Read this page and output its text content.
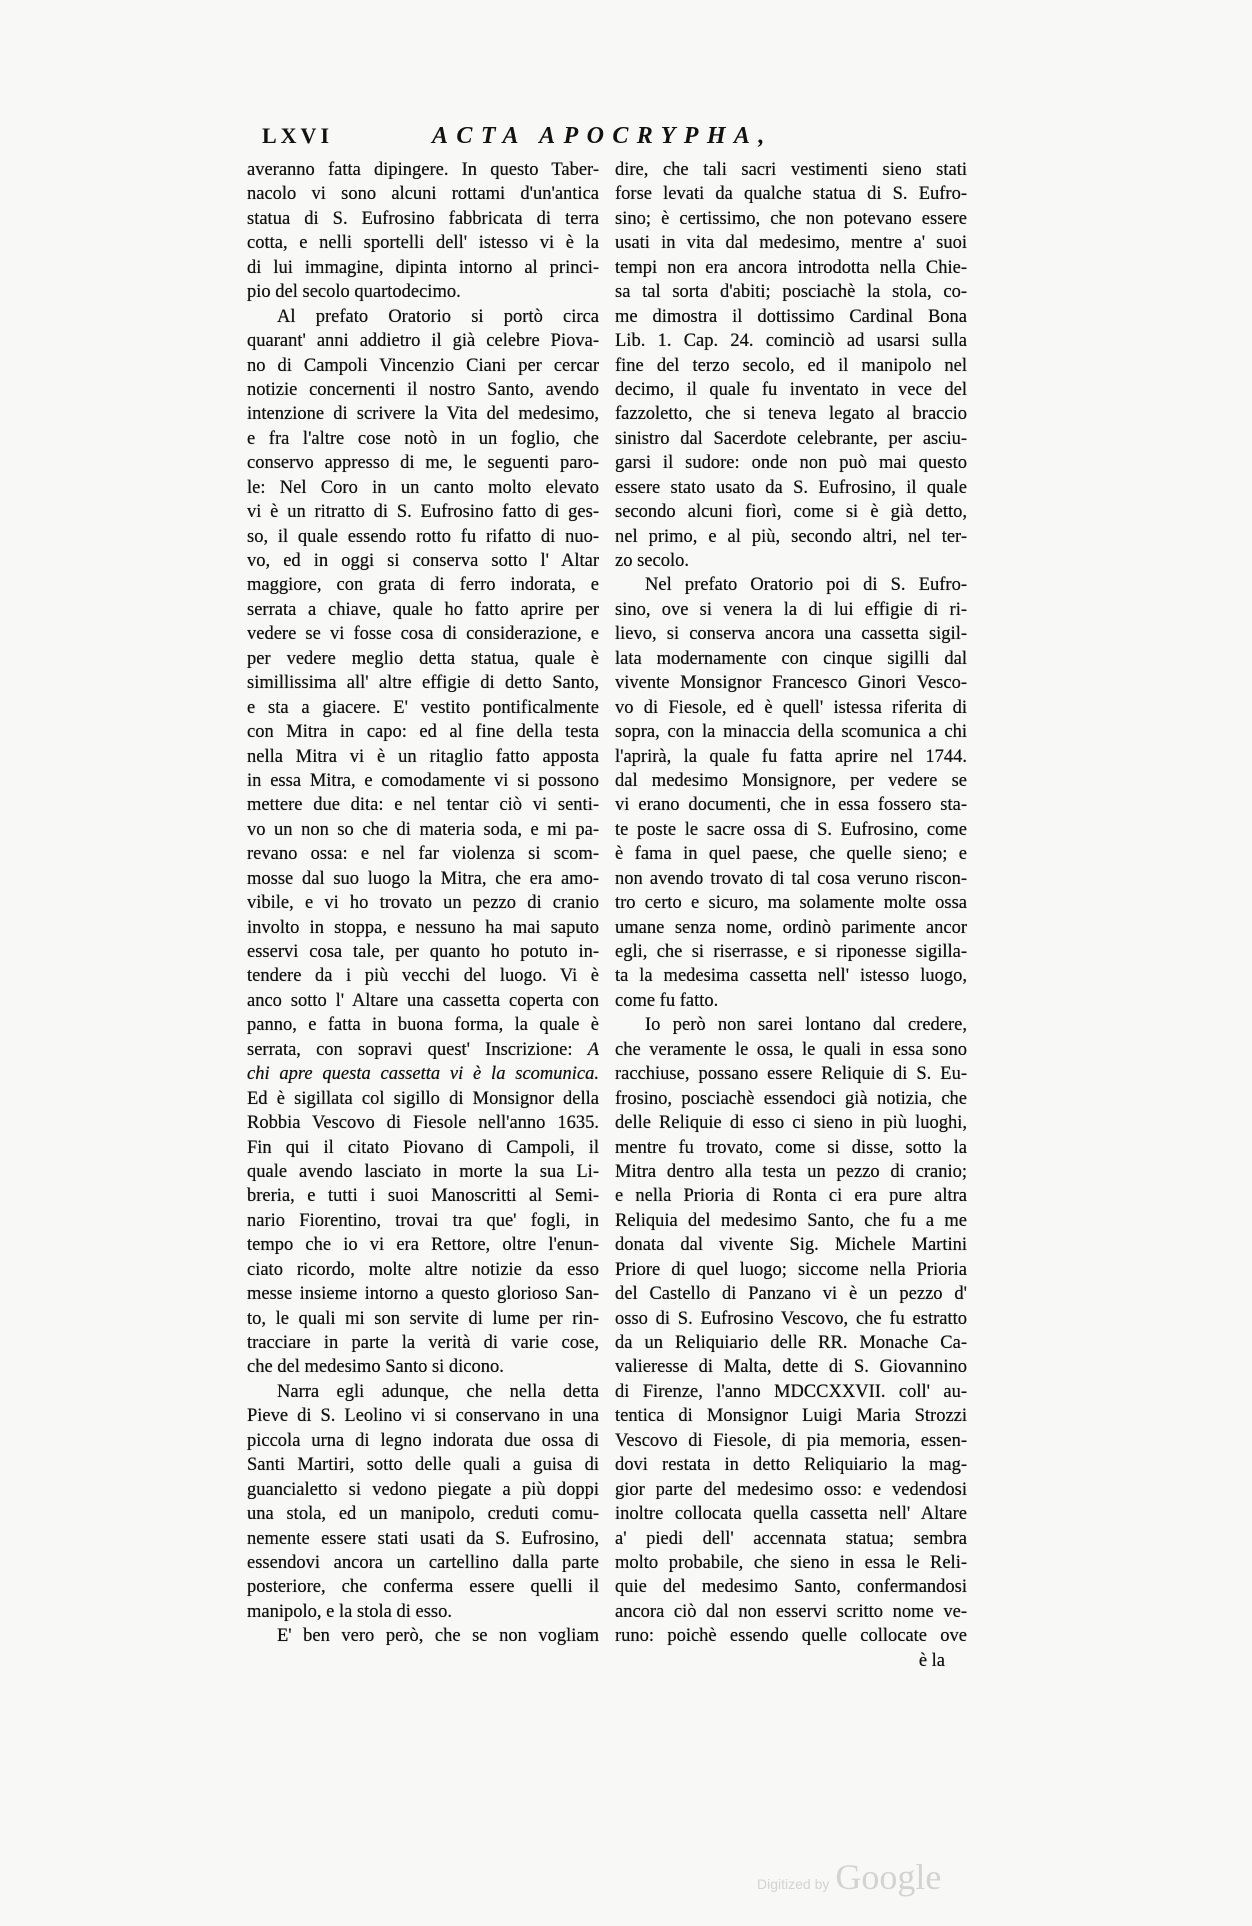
LXVI	ACTA APOCRYPHA,
averanno fatta dipingere. In questo Taber-
nacolo vi sono alcuni rottami d'un'antica
statua di S. Eufrosino fabbricata di terra
cotta, e nelli sportelli dell' istesso vi è la
di lui immagine, dipinta intorno al princi-
pio del secolo quartodecimo.
Al prefato Oratorio si portò circa
quarant' anni addietro il già celebre Piova-
no di Campoli Vincenzio Ciani per cercar
notizie concernenti il nostro Santo, avendo
intenzione di scrivere la Vita del medesimo,
e fra l'altre cose notò in un foglio, che
conservo appresso di me, le seguenti paro-
le: Nel Coro in un canto molto elevato
vi è un ritratto di S. Eufrosino fatto di ges-
so, il quale essendo rotto fu rifatto di nuo-
vo, ed in oggi si conserva sotto l' Altar
maggiore, con grata di ferro indorata, e
serrata a chiave, quale ho fatto aprire per
vedere se vi fosse cosa di considerazione, e
per vedere meglio detta statua, quale è
simillissima all' altre effigie di detto Santo,
e sta a giacere. E' vestito pontificalmente
con Mitra in capo: ed al fine della testa
nella Mitra vi è un ritaglio fatto apposta
in essa Mitra, e comodamente vi si possono
mettere due dita: e nel tentar ciò vi senti-
vo un non so che di materia soda, e mi pa-
revano ossa: e nel far violenza si scom-
mosse dal suo luogo la Mitra, che era amo-
vibile, e vi ho trovato un pezzo di cranio
involto in stoppa, e nessuno ha mai saputo
esservi cosa tale, per quanto ho potuto in-
tendere da i più vecchi del luogo. Vi è
anco sotto l' Altare una cassetta coperta con
panno, e fatta in buona forma, la quale è
serrata, con sopravi quest' Inscrizione: A
chi apre questa cassetta vi è la scomunica.
Ed è sigillata col sigillo di Monsignor della
Robbia Vescovo di Fiesole nell'anno 1635.
Fin qui il citato Piovano di Campoli, il
quale avendo lasciato in morte la sua Li-
breria, e tutti i suoi Manoscritti al Semi-
nario Fiorentino, trovai tra que' fogli, in
tempo che io vi era Rettore, oltre l'enun-
ciato ricordo, molte altre notizie da esso
messe insieme intorno a questo glorioso San-
to, le quali mi son servite di lume per rin-
tracciare in parte la verità di varie cose,
che del medesimo Santo si dicono.
Narra egli adunque, che nella detta
Pieve di S. Leolino vi si conservano in una
piccola urna di legno indorata due ossa di
Santi Martiri, sotto delle quali a guisa di
guancialetto si vedono piegate a più doppi
una stola, ed un manipolo, creduti comu-
nemente essere stati usati da S. Eufrosino,
essendovi ancora un cartellino dalla parte
posteriore, che conferma essere quelli il
manipolo, e la stola di esso.
E' ben vero però, che se non vogliam
dire, che tali sacri vestimenti sieno stati
forse levati da qualche statua di S. Eufro-
sino; è certissimo, che non potevano essere
usati in vita dal medesimo, mentre a' suoi
tempi non era ancora introdotta nella Chie-
sa tal sorta d'abiti; posciachè la stola, co-
me dimostra il dottissimo Cardinal Bona
Lib. 1. Cap. 24. cominciò ad usarsi sulla
fine del terzo secolo, ed il manipolo nel
decimo, il quale fu inventato in vece del
fazzoletto, che si teneva legato al braccio
sinistro dal Sacerdote celebrante, per asciu-
garsi il sudore: onde non può mai questo
essere stato usato da S. Eufrosino, il quale
secondo alcuni fiorì, come si è già detto,
nel primo, e al più, secondo altri, nel ter-
zo secolo.
Nel prefato Oratorio poi di S. Eufro-
sino, ove si venera la di lui effigie di ri-
lievo, si conserva ancora una cassetta sigil-
lata modernamente con cinque sigilli dal
vivente Monsignor Francesco Ginori Vesco-
vo di Fiesole, ed è quell' istessa riferita di
sopra, con la minaccia della scomunica a chi
l'aprirà, la quale fu fatta aprire nel 1744.
dal medesimo Monsignore, per vedere se
vi erano documenti, che in essa fossero sta-
te poste le sacre ossa di S. Eufrosino, come
è fama in quel paese, che quelle sieno; e
non avendo trovato di tal cosa veruno riscon-
tro certo e sicuro, ma solamente molte ossa
umane senza nome, ordinò parimente ancor
egli, che si riserrasse, e si riponesse sigilla-
ta la medesima cassetta nell' istesso luogo,
come fu fatto.
Io però non sarei lontano dal credere,
che veramente le ossa, le quali in essa sono
racchiuse, possano essere Reliquie di S. Eu-
frosino, posciachè essendoci già notizia, che
delle Reliquie di esso ci sieno in più luoghi,
mentre fu trovato, come si disse, sotto la
Mitra dentro alla testa un pezzo di cranio;
e nella Prioria di Ronta ci era pure altra
Reliquia del medesimo Santo, che fu a me
donata dal vivente Sig. Michele Martini
Priore di quel luogo; siccome nella Prioria
del Castello di Panzano vi è un pezzo d'
osso di S. Eufrosino Vescovo, che fu estratto
da un Reliquiario delle RR. Monache Ca-
valieresse di Malta, dette di S. Giovannino
di Firenze, l'anno MDCCXXVII. coll' au-
tentica di Monsignor Luigi Maria Strozzi
Vescovo di Fiesole, di pia memoria, essen-
dovi restata in detto Reliquiario la mag-
gior parte del medesimo osso: e vedendosi
inoltre collocata quella cassetta nell' Altare
a' piedi dell' accennata statua; sembra
molto probabile, che sieno in essa le Reli-
quie del medesimo Santo, confermandosi
ancora ciò dal non esservi scritto nome ve-
runo: poichè essendo quelle collocate ove
è la
Digitized by Google
